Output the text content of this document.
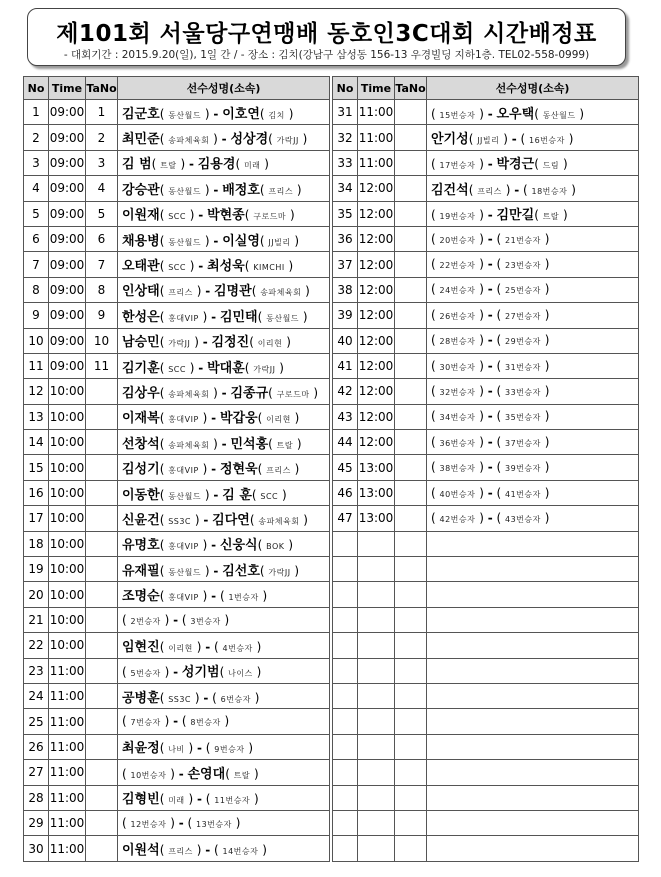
제101회 서울당구연맹배 동호인3C대회 시간배정표
- 대회기간 : 2015.9.20(일), 1일 간 / - 장소 : 김치(강남구 삼성동 156-13 우경빌딩 지하1층. TEL02-558-0999)
No	Time	TaNo	선수성명(소속)
1	09:00	1	김군호( 동산월드 ) - 이호연( 김치 )
2	09:00	2	최민준( 송파체육회 ) - 성상경( 가락JJ )
3	09:00	3	김 범( 트랄 ) - 김용경( 미래 )
4	09:00	4	강승관( 동산월드 ) - 배정호( 프리스 )
5	09:00	5	이원재( SCC ) - 박현종( 구로드마 )
6	09:00	6	채용병( 동산월드 ) - 이실영( JJ빌리 )
7	09:00	7	오태관( SCC ) - 최성욱( KIMCHI )
8	09:00	8	인상태( 프리스 ) - 김명관( 송파체육회 )
9	09:00	9	한성은( 홍대VIP ) - 김민태( 동산월드 )
10	09:00	10	남승민( 가락JJ ) - 김정진( 이리현 )
11	09:00	11	김기훈( SCC ) - 박대훈( 가락JJ )
12	10:00		김상우( 송파체육회 ) - 김종규( 구로드마 )
13	10:00		이재복( 홍대VIP ) - 박갑웅( 이리현 )
14	10:00		선창석( 송파체육회 ) - 민석홍( 트랄 )
15	10:00		김성기( 홍대VIP ) - 정현욱( 프리스 )
16	10:00		이동한( 동산월드 ) - 김 훈( SCC )
17	10:00		신윤건( SS3C ) - 김다연( 송파체육회 )
18	10:00		유명호( 홍대VIP ) - 신웅식( BOK )
19	10:00		유재필( 동산월드 ) - 김선호( 가락JJ )
20	10:00		조명순( 홍대VIP ) - ( 1번승자 )
21	10:00		( 2번승자 ) - ( 3번승자 )
22	10:00		임현진( 이리현 ) - ( 4번승자 )
23	11:00		( 5번승자 ) - 성기범( 나이스 )
24	11:00		공병훈( SS3C ) - ( 6번승자 )
25	11:00		( 7번승자 ) - ( 8번승자 )
26	11:00		최윤정( 나비 ) - ( 9번승자 )
27	11:00		( 10번승자 ) - 손영대( 트랄 )
28	11:00		김형빈( 미래 ) - ( 11번승자 )
29	11:00		( 12번승자 ) - ( 13번승자 )
30	11:00		이원석( 프리스 ) - ( 14번승자 )
No	Time	TaNo	선수성명(소속)
31	11:00		( 15번승자 ) - 오우택( 동산월드 )
32	11:00		안기성( JJ빌리 ) - ( 16번승자 )
33	11:00		( 17번승자 ) - 박경근( 드림 )
34	12:00		김건석( 프리스 ) - ( 18번승자 )
35	12:00		( 19번승자 ) - 김만길( 트랄 )
36	12:00		( 20번승자 ) - ( 21번승자 )
37	12:00		( 22번승자 ) - ( 23번승자 )
38	12:00		( 24번승자 ) - ( 25번승자 )
39	12:00		( 26번승자 ) - ( 27번승자 )
40	12:00		( 28번승자 ) - ( 29번승자 )
41	12:00		( 30번승자 ) - ( 31번승자 )
42	12:00		( 32번승자 ) - ( 33번승자 )
43	12:00		( 34번승자 ) - ( 35번승자 )
44	12:00		( 36번승자 ) - ( 37번승자 )
45	13:00		( 38번승자 ) - ( 39번승자 )
46	13:00		( 40번승자 ) - ( 41번승자 )
47	13:00		( 42번승자 ) - ( 43번승자 )
